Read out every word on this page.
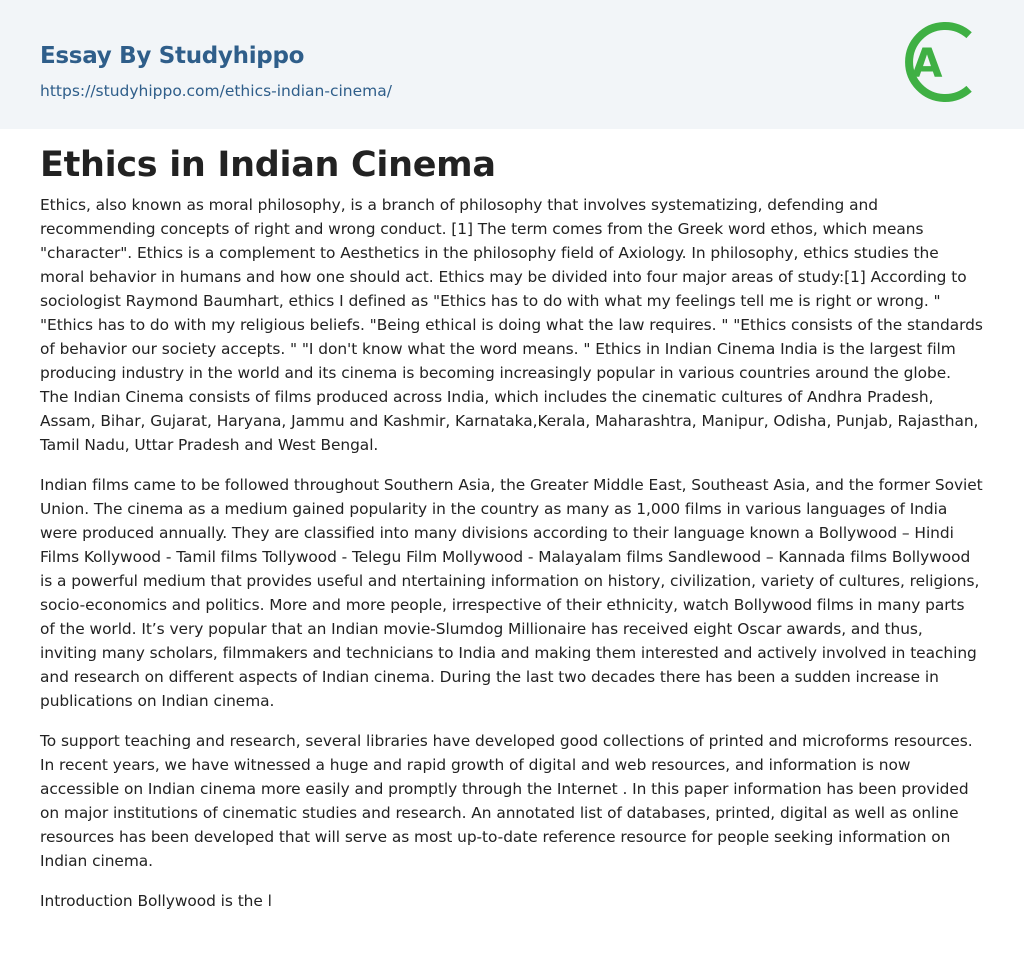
Essay By Studyhippo
https://studyhippo.com/ethics-indian-cinema/
A
Ethics in Indian Cinema

Ethics, also known as moral philosophy, is a branch of philosophy that involves systematizing, defending and recommending concepts of right and wrong conduct. [1] The term comes from the Greek word ethos, which means "character". Ethics is a complement to Aesthetics in the philosophy field of Axiology. In philosophy, ethics studies the moral behavior in humans and how one should act. Ethics may be divided into four major areas of study:[1] According to sociologist Raymond Baumhart, ethics I defined as "Ethics has to do with what my feelings tell me is right or wrong. " "Ethics has to do with my religious beliefs. "Being ethical is doing what the law requires. " "Ethics consists of the standards of behavior our society accepts. " "I don't know what the word means. " Ethics in Indian Cinema India is the largest film producing industry in the world and its cinema is becoming increasingly popular in various countries around the globe. The Indian Cinema consists of films produced across India, which includes the cinematic cultures of Andhra Pradesh, Assam, Bihar, Gujarat, Haryana, Jammu and Kashmir, Karnataka,Kerala, Maharashtra, Manipur, Odisha, Punjab, Rajasthan, Tamil Nadu, Uttar Pradesh and West Bengal.

Indian films came to be followed throughout Southern Asia, the Greater Middle East, Southeast Asia, and the former Soviet Union. The cinema as a medium gained popularity in the country as many as 1,000 films in various languages of India were produced annually. They are classified into many divisions according to their language known a Bollywood – Hindi Films Kollywood - Tamil films Tollywood - Telegu Film Mollywood - Malayalam films Sandlewood – Kannada films Bollywood is a powerful medium that provides useful and ntertaining information on history, civilization, variety of cultures, religions, socio-economics and politics. More and more people, irrespective of their ethnicity, watch Bollywood films in many parts of the world. It’s very popular that an Indian movie-Slumdog Millionaire has received eight Oscar awards, and thus, inviting many scholars, filmmakers and technicians to India and making them interested and actively involved in teaching and research on different aspects of Indian cinema. During the last two decades there has been a sudden increase in publications on Indian cinema.

To support teaching and research, several libraries have developed good collections of printed and microforms resources. In recent years, we have witnessed a huge and rapid growth of digital and web resources, and information is now accessible on Indian cinema more easily and promptly through the Internet . In this paper information has been provided on major institutions of cinematic studies and research. An annotated list of databases, printed, digital as well as online resources has been developed that will serve as most up-to-date reference resource for people seeking information on Indian cinema.

Introduction Bollywood is the l
